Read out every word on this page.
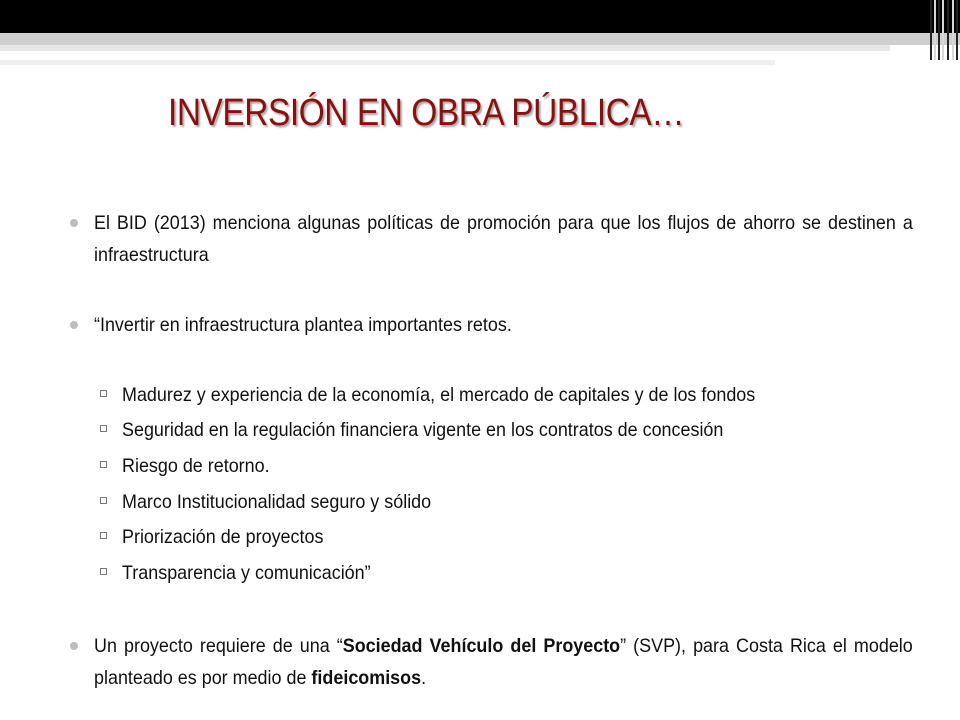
INVERSIÓN EN OBRA PÚBLICA…
El BID (2013) menciona algunas políticas de promoción para que los flujos de ahorro se destinen a infraestructura
“Invertir en infraestructura plantea importantes retos.
Madurez y experiencia de la economía, el mercado de capitales y de los fondos
Seguridad en la regulación financiera vigente en los contratos de concesión
Riesgo de retorno.
Marco Institucionalidad seguro y sólido
Priorización de proyectos
Transparencia y comunicación”
Un proyecto requiere de una “Sociedad Vehículo del Proyecto” (SVP), para Costa Rica el modelo planteado es por medio de fideicomisos.
